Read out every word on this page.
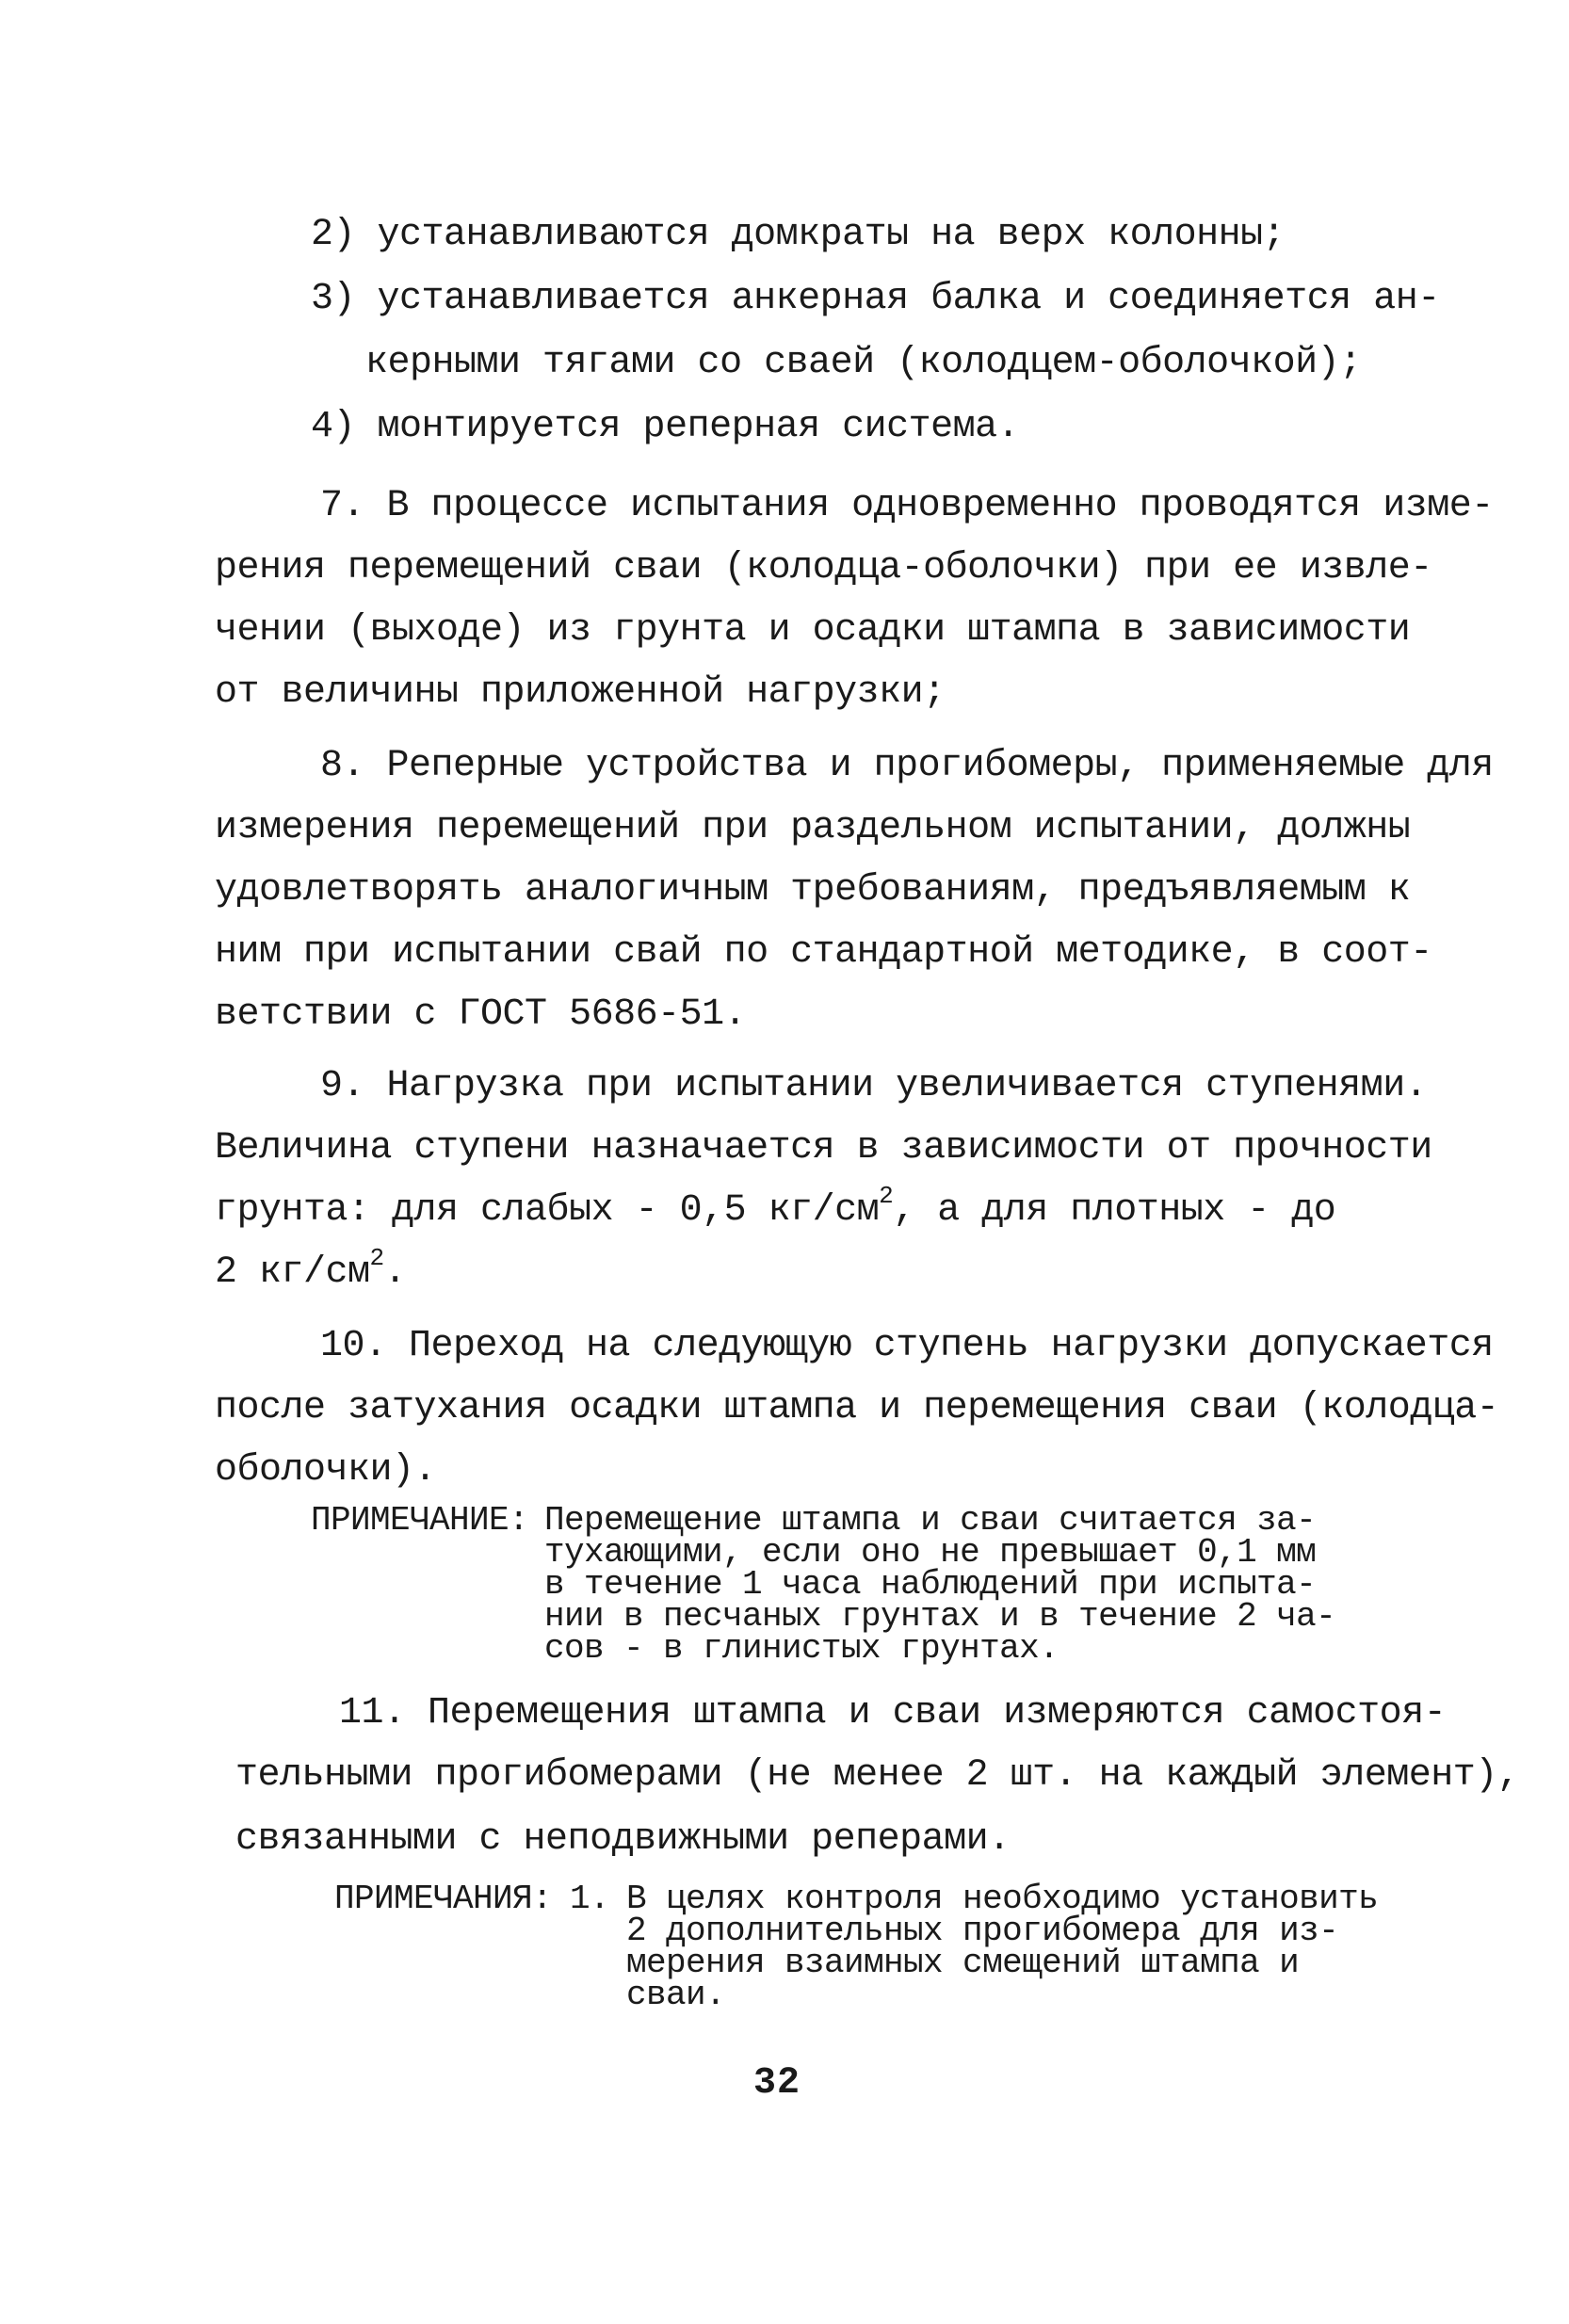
2) устанавливаются домкраты на верх колонны;
3) устанавливается анкерная балка и соединяется ан-
керными тягами со сваей (колодцем-оболочкой);
4) монтируется реперная система.
7. В процессе испытания одновременно проводятся изме-
рения перемещений сваи (колодца-оболочки) при ее извле-
чении (выходе) из грунта и осадки штампа в зависимости
от величины приложенной нагрузки;
8. Реперные устройства и прогибомеры, применяемые для
измерения перемещений при раздельном испытании, должны
удовлетворять аналогичным требованиям, предъявляемым к
ним при испытании свай по стандартной методике, в соот-
ветствии с ГОСТ 5686-51.
9. Нагрузка при испытании увеличивается ступенями.
Величина ступени назначается в зависимости от прочности
грунта: для слабых - 0,5 $кг/см^2$, а для плотных - до
2 $кг/см^2$.
10. Переход на следующую ступень нагрузки допускается
после затухания осадки штампа и перемещения сваи (колодца-
оболочки).
ПРИМЕЧАНИЕ: Перемещение штампа и сваи считается за-
тухающими, если оно не превышает 0,1 мм
в течение 1 часа наблюдений при испыта-
нии в песчаных грунтах и в течение 2 ча-
сов - в глинистых грунтах.
11. Перемещения штампа и сваи измеряются самостоя-
тельными прогибомерами (не менее 2 шт. на каждый элемент),
связанными с неподвижными реперами.
ПРИМЕЧАНИЯ: 1. В целях контроля необходимо установить
2 дополнительных прогибомера для из-
мерения взаимных смещений штампа и
сваи.
32
